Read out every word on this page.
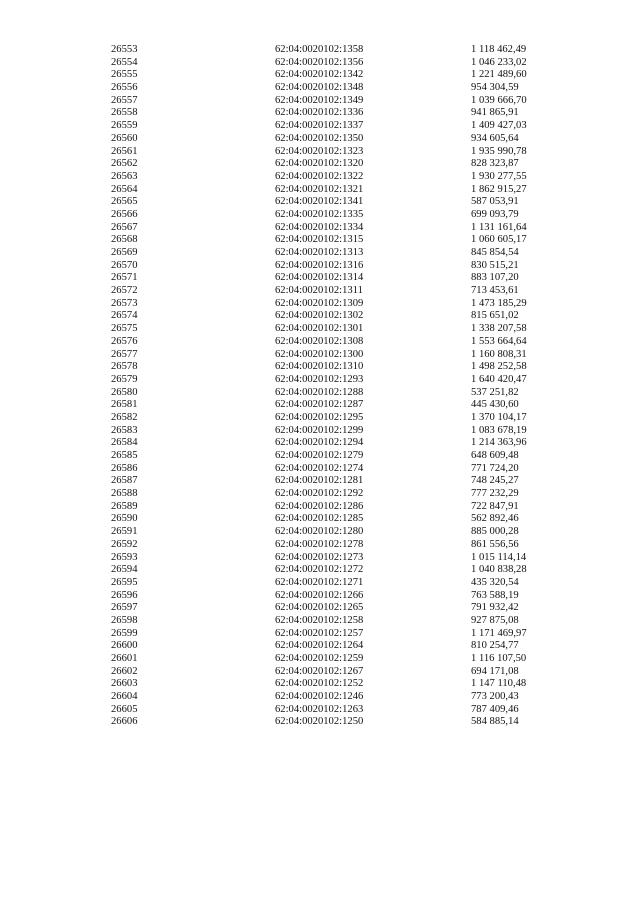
26553	62:04:0020102:1358	1 118 462,49
26554	62:04:0020102:1356	1 046 233,02
26555	62:04:0020102:1342	1 221 489,60
26556	62:04:0020102:1348	954 304,59
26557	62:04:0020102:1349	1 039 666,70
26558	62:04:0020102:1336	941 865,91
26559	62:04:0020102:1337	1 409 427,03
26560	62:04:0020102:1350	934 605,64
26561	62:04:0020102:1323	1 935 990,78
26562	62:04:0020102:1320	828 323,87
26563	62:04:0020102:1322	1 930 277,55
26564	62:04:0020102:1321	1 862 915,27
26565	62:04:0020102:1341	587 053,91
26566	62:04:0020102:1335	699 093,79
26567	62:04:0020102:1334	1 131 161,64
26568	62:04:0020102:1315	1 060 605,17
26569	62:04:0020102:1313	845 854,54
26570	62:04:0020102:1316	830 515,21
26571	62:04:0020102:1314	883 107,20
26572	62:04:0020102:1311	713 453,61
26573	62:04:0020102:1309	1 473 185,29
26574	62:04:0020102:1302	815 651,02
26575	62:04:0020102:1301	1 338 207,58
26576	62:04:0020102:1308	1 553 664,64
26577	62:04:0020102:1300	1 160 808,31
26578	62:04:0020102:1310	1 498 252,58
26579	62:04:0020102:1293	1 640 420,47
26580	62:04:0020102:1288	537 251,82
26581	62:04:0020102:1287	445 430,60
26582	62:04:0020102:1295	1 370 104,17
26583	62:04:0020102:1299	1 083 678,19
26584	62:04:0020102:1294	1 214 363,96
26585	62:04:0020102:1279	648 609,48
26586	62:04:0020102:1274	771 724,20
26587	62:04:0020102:1281	748 245,27
26588	62:04:0020102:1292	777 232,29
26589	62:04:0020102:1286	722 847,91
26590	62:04:0020102:1285	562 892,46
26591	62:04:0020102:1280	885 000,28
26592	62:04:0020102:1278	861 556,56
26593	62:04:0020102:1273	1 015 114,14
26594	62:04:0020102:1272	1 040 838,28
26595	62:04:0020102:1271	435 320,54
26596	62:04:0020102:1266	763 588,19
26597	62:04:0020102:1265	791 932,42
26598	62:04:0020102:1258	927 875,08
26599	62:04:0020102:1257	1 171 469,97
26600	62:04:0020102:1264	810 254,77
26601	62:04:0020102:1259	1 116 107,50
26602	62:04:0020102:1267	694 171,08
26603	62:04:0020102:1252	1 147 110,48
26604	62:04:0020102:1246	773 200,43
26605	62:04:0020102:1263	787 409,46
26606	62:04:0020102:1250	584 885,14
